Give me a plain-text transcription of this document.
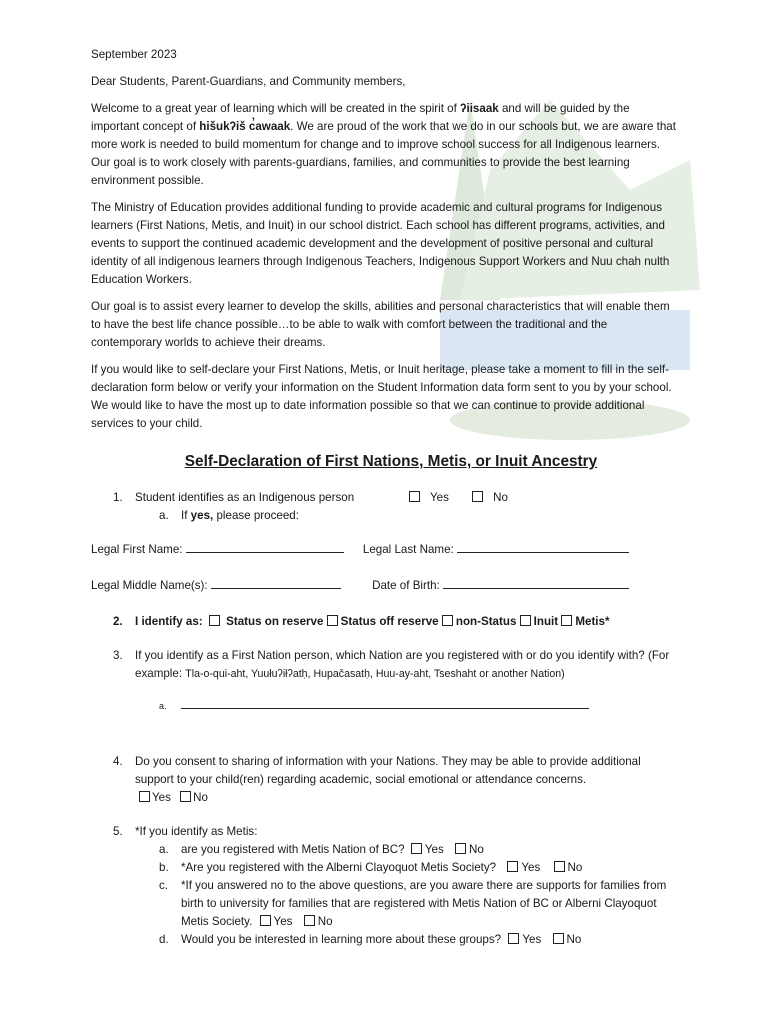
September 2023

Dear Students, Parent-Guardians, and Community members,

Welcome to a great year of learning which will be created in the spirit of ʔiisaak and will be guided by the important concept of hišukʔiš c̓awaak. We are proud of the work that we do in our schools but, we are aware that more work is needed to build momentum for change and to improve school success for all Indigenous learners. Our goal is to work closely with parents-guardians, families, and communities to provide the best learning environment possible.

The Ministry of Education provides additional funding to provide academic and cultural programs for Indigenous learners (First Nations, Metis, and Inuit) in our school district. Each school has different programs, activities, and events to support the continued academic development and the development of positive personal and cultural identity of all indigenous learners through Indigenous Teachers, Indigenous Support Workers and Nuu chah nulth Education Workers.

Our goal is to assist every learner to develop the skills, abilities and personal characteristics that will enable them to have the best life chance possible…to be able to walk with comfort between the traditional and the contemporary worlds to achieve their dreams.

If you would like to self-declare your First Nations, Metis, or Inuit heritage, please take a moment to fill in the self-declaration form below or verify your information on the Student Information data form sent to you by your school. We would like to have the most up to date information possible so that we can continue to provide additional services to your child.

Self-Declaration of First Nations, Metis, or Inuit Ancestry
1. Student identifies as an Indigenous person	Yes	No
a. If yes, please proceed:
Legal First Name:	Legal Last Name:
Legal Middle Name(s):	Date of Birth:
2. I identify as: Status on reserve Status off reserve non-Status Inuit Metis*
3. If you identify as a First Nation person, which Nation are you registered with or do you identify with? (For example: Tla-o-qui-aht, Yuułuʔiłʔatḥ, Hupačasatḥ, Huu-ay-aht, Tseshaht or another Nation)
a.
4. Do you consent to sharing of information with your Nations. They may be able to provide additional support to your child(ren) regarding academic, social emotional or attendance concerns.
Yes No
5. *If you identify as Metis:
a. are you registered with Metis Nation of BC? Yes No
b. *Are you registered with the Alberni Clayoquot Metis Society? Yes No
c. *If you answered no to the above questions, are you aware there are supports for families from birth to university for families that are registered with Metis Nation of BC or Alberni Clayoquot Metis Society. Yes No
d. Would you be interested in learning more about these groups? Yes No
